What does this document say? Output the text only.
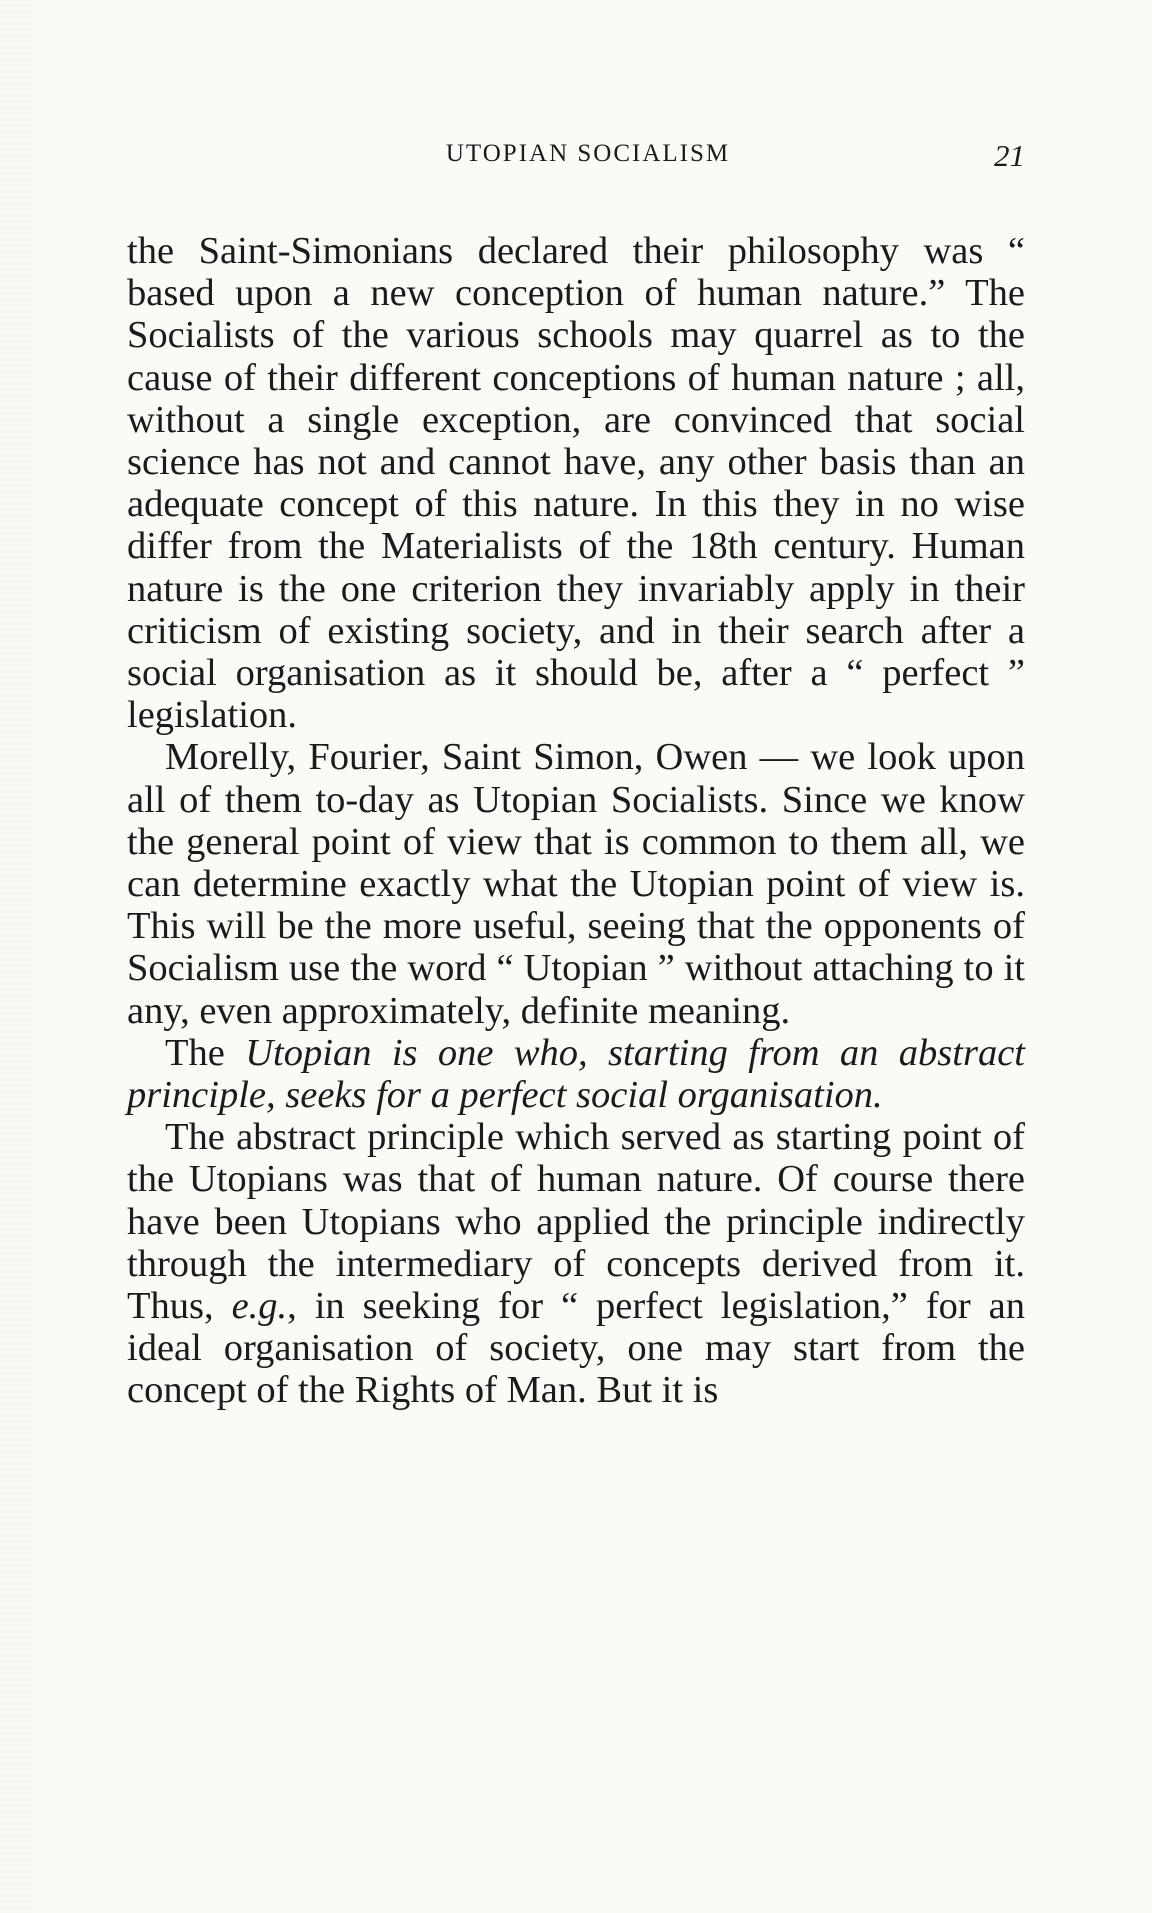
UTOPIAN SOCIALISM	21

the Saint-Simonians declared their philosophy was “ based upon a new conception of human nature.” The Socialists of the various schools may quarrel as to the cause of their different conceptions of human nature ; all, without a single exception, are convinced that social science has not and cannot have, any other basis than an adequate concept of this nature. In this they in no wise differ from the Materialists of the 18th century. Human nature is the one criterion they invariably apply in their criticism of existing society, and in their search after a social organisation as it should be, after a “ perfect ” legislation.

Morelly, Fourier, Saint Simon, Owen — we look upon all of them to-day as Utopian Socialists. Since we know the general point of view that is common to them all, we can determine exactly what the Utopian point of view is. This will be the more useful, seeing that the opponents of Socialism use the word “ Utopian ” without attaching to it any, even approximately, definite meaning.

The Utopian is one who, starting from an abstract principle, seeks for a perfect social organisation.

The abstract principle which served as starting point of the Utopians was that of human nature. Of course there have been Utopians who applied the principle indirectly through the intermediary of concepts derived from it. Thus, e.g., in seeking for “ perfect legislation,” for an ideal organisation of society, one may start from the concept of the Rights of Man. But it is
